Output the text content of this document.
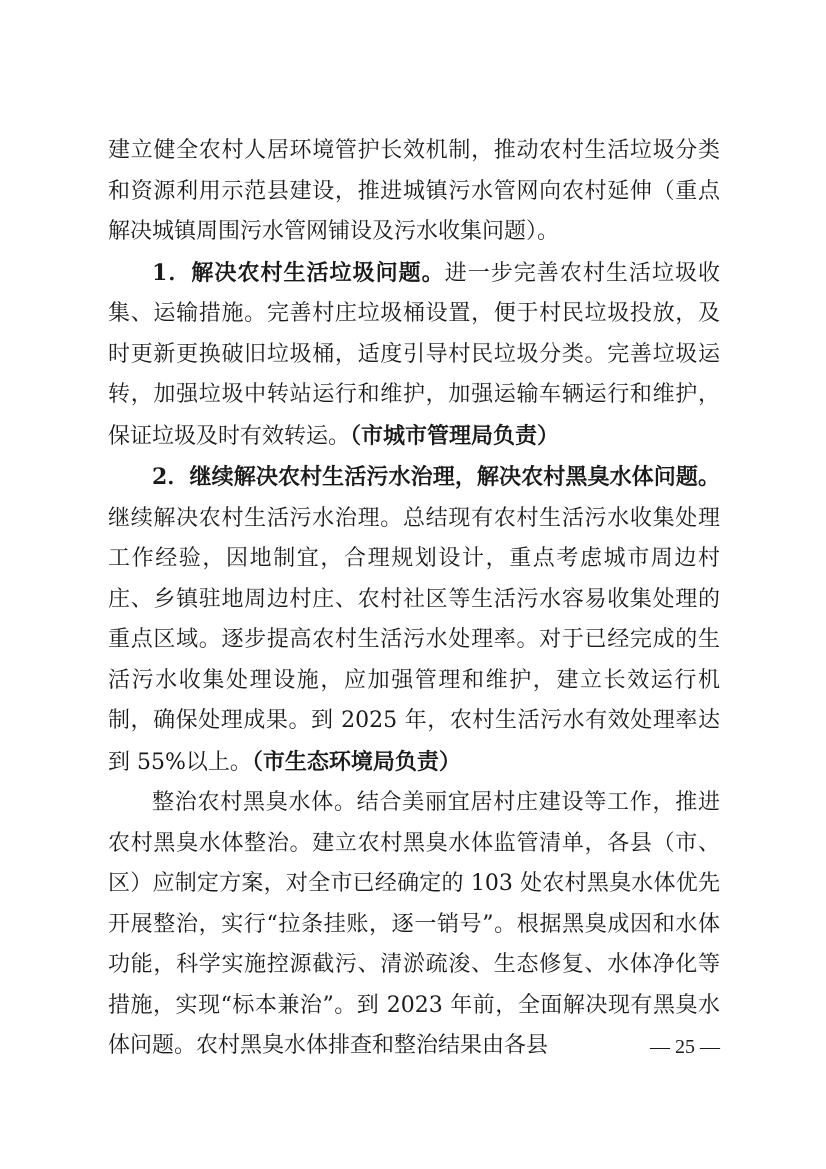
建立健全农村人居环境管护长效机制，推动农村生活垃圾分类和资源利用示范县建设，推进城镇污水管网向农村延伸（重点解决城镇周围污水管网铺设及污水收集问题）。

1．解决农村生活垃圾问题。进一步完善农村生活垃圾收集、运输措施。完善村庄垃圾桶设置，便于村民垃圾投放，及时更新更换破旧垃圾桶，适度引导村民垃圾分类。完善垃圾运转，加强垃圾中转站运行和维护，加强运输车辆运行和维护，保证垃圾及时有效转运。（市城市管理局负责）

2．继续解决农村生活污水治理，解决农村黑臭水体问题。继续解决农村生活污水治理。总结现有农村生活污水收集处理工作经验，因地制宜，合理规划设计，重点考虑城市周边村庄、乡镇驻地周边村庄、农村社区等生活污水容易收集处理的重点区域。逐步提高农村生活污水处理率。对于已经完成的生活污水收集处理设施，应加强管理和维护，建立长效运行机制，确保处理成果。到 2025 年，农村生活污水有效处理率达到 55%以上。（市生态环境局负责）

整治农村黑臭水体。结合美丽宜居村庄建设等工作，推进农村黑臭水体整治。建立农村黑臭水体监管清单，各县（市、区）应制定方案，对全市已经确定的 103 处农村黑臭水体优先开展整治，实行“拉条挂账，逐一销号”。根据黑臭成因和水体功能，科学实施控源截污、清淤疏浚、生态修复、水体净化等措施，实现“标本兼治”。到 2023 年前，全面解决现有黑臭水体问题。农村黑臭水体排查和整治结果由各县	— 25 —
